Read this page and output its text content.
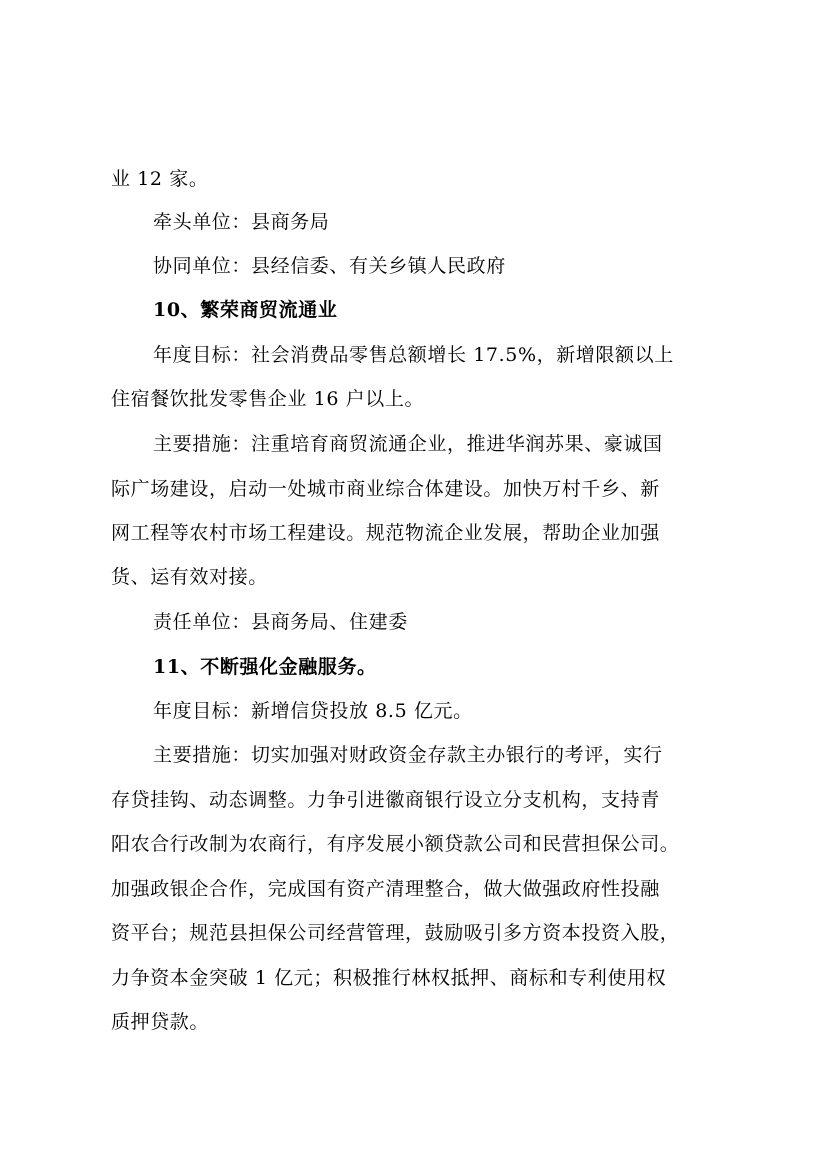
业 12 家。
牵头单位：县商务局
协同单位：县经信委、有关乡镇人民政府
10、繁荣商贸流通业
年度目标：社会消费品零售总额增长 17.5%，新增限额以上
住宿餐饮批发零售企业 16 户以上。
主要措施：注重培育商贸流通企业，推进华润苏果、豪诚国
际广场建设，启动一处城市商业综合体建设。加快万村千乡、新
网工程等农村市场工程建设。规范物流企业发展，帮助企业加强
货、运有效对接。
责任单位：县商务局、住建委
11、不断强化金融服务。
年度目标：新增信贷投放 8.5 亿元。
主要措施：切实加强对财政资金存款主办银行的考评，实行
存贷挂钩、动态调整。力争引进徽商银行设立分支机构，支持青
阳农合行改制为农商行，有序发展小额贷款公司和民营担保公司。
加强政银企合作，完成国有资产清理整合，做大做强政府性投融
资平台；规范县担保公司经营管理，鼓励吸引多方资本投资入股，
力争资本金突破 1 亿元；积极推行林权抵押、商标和专利使用权
质押贷款。
